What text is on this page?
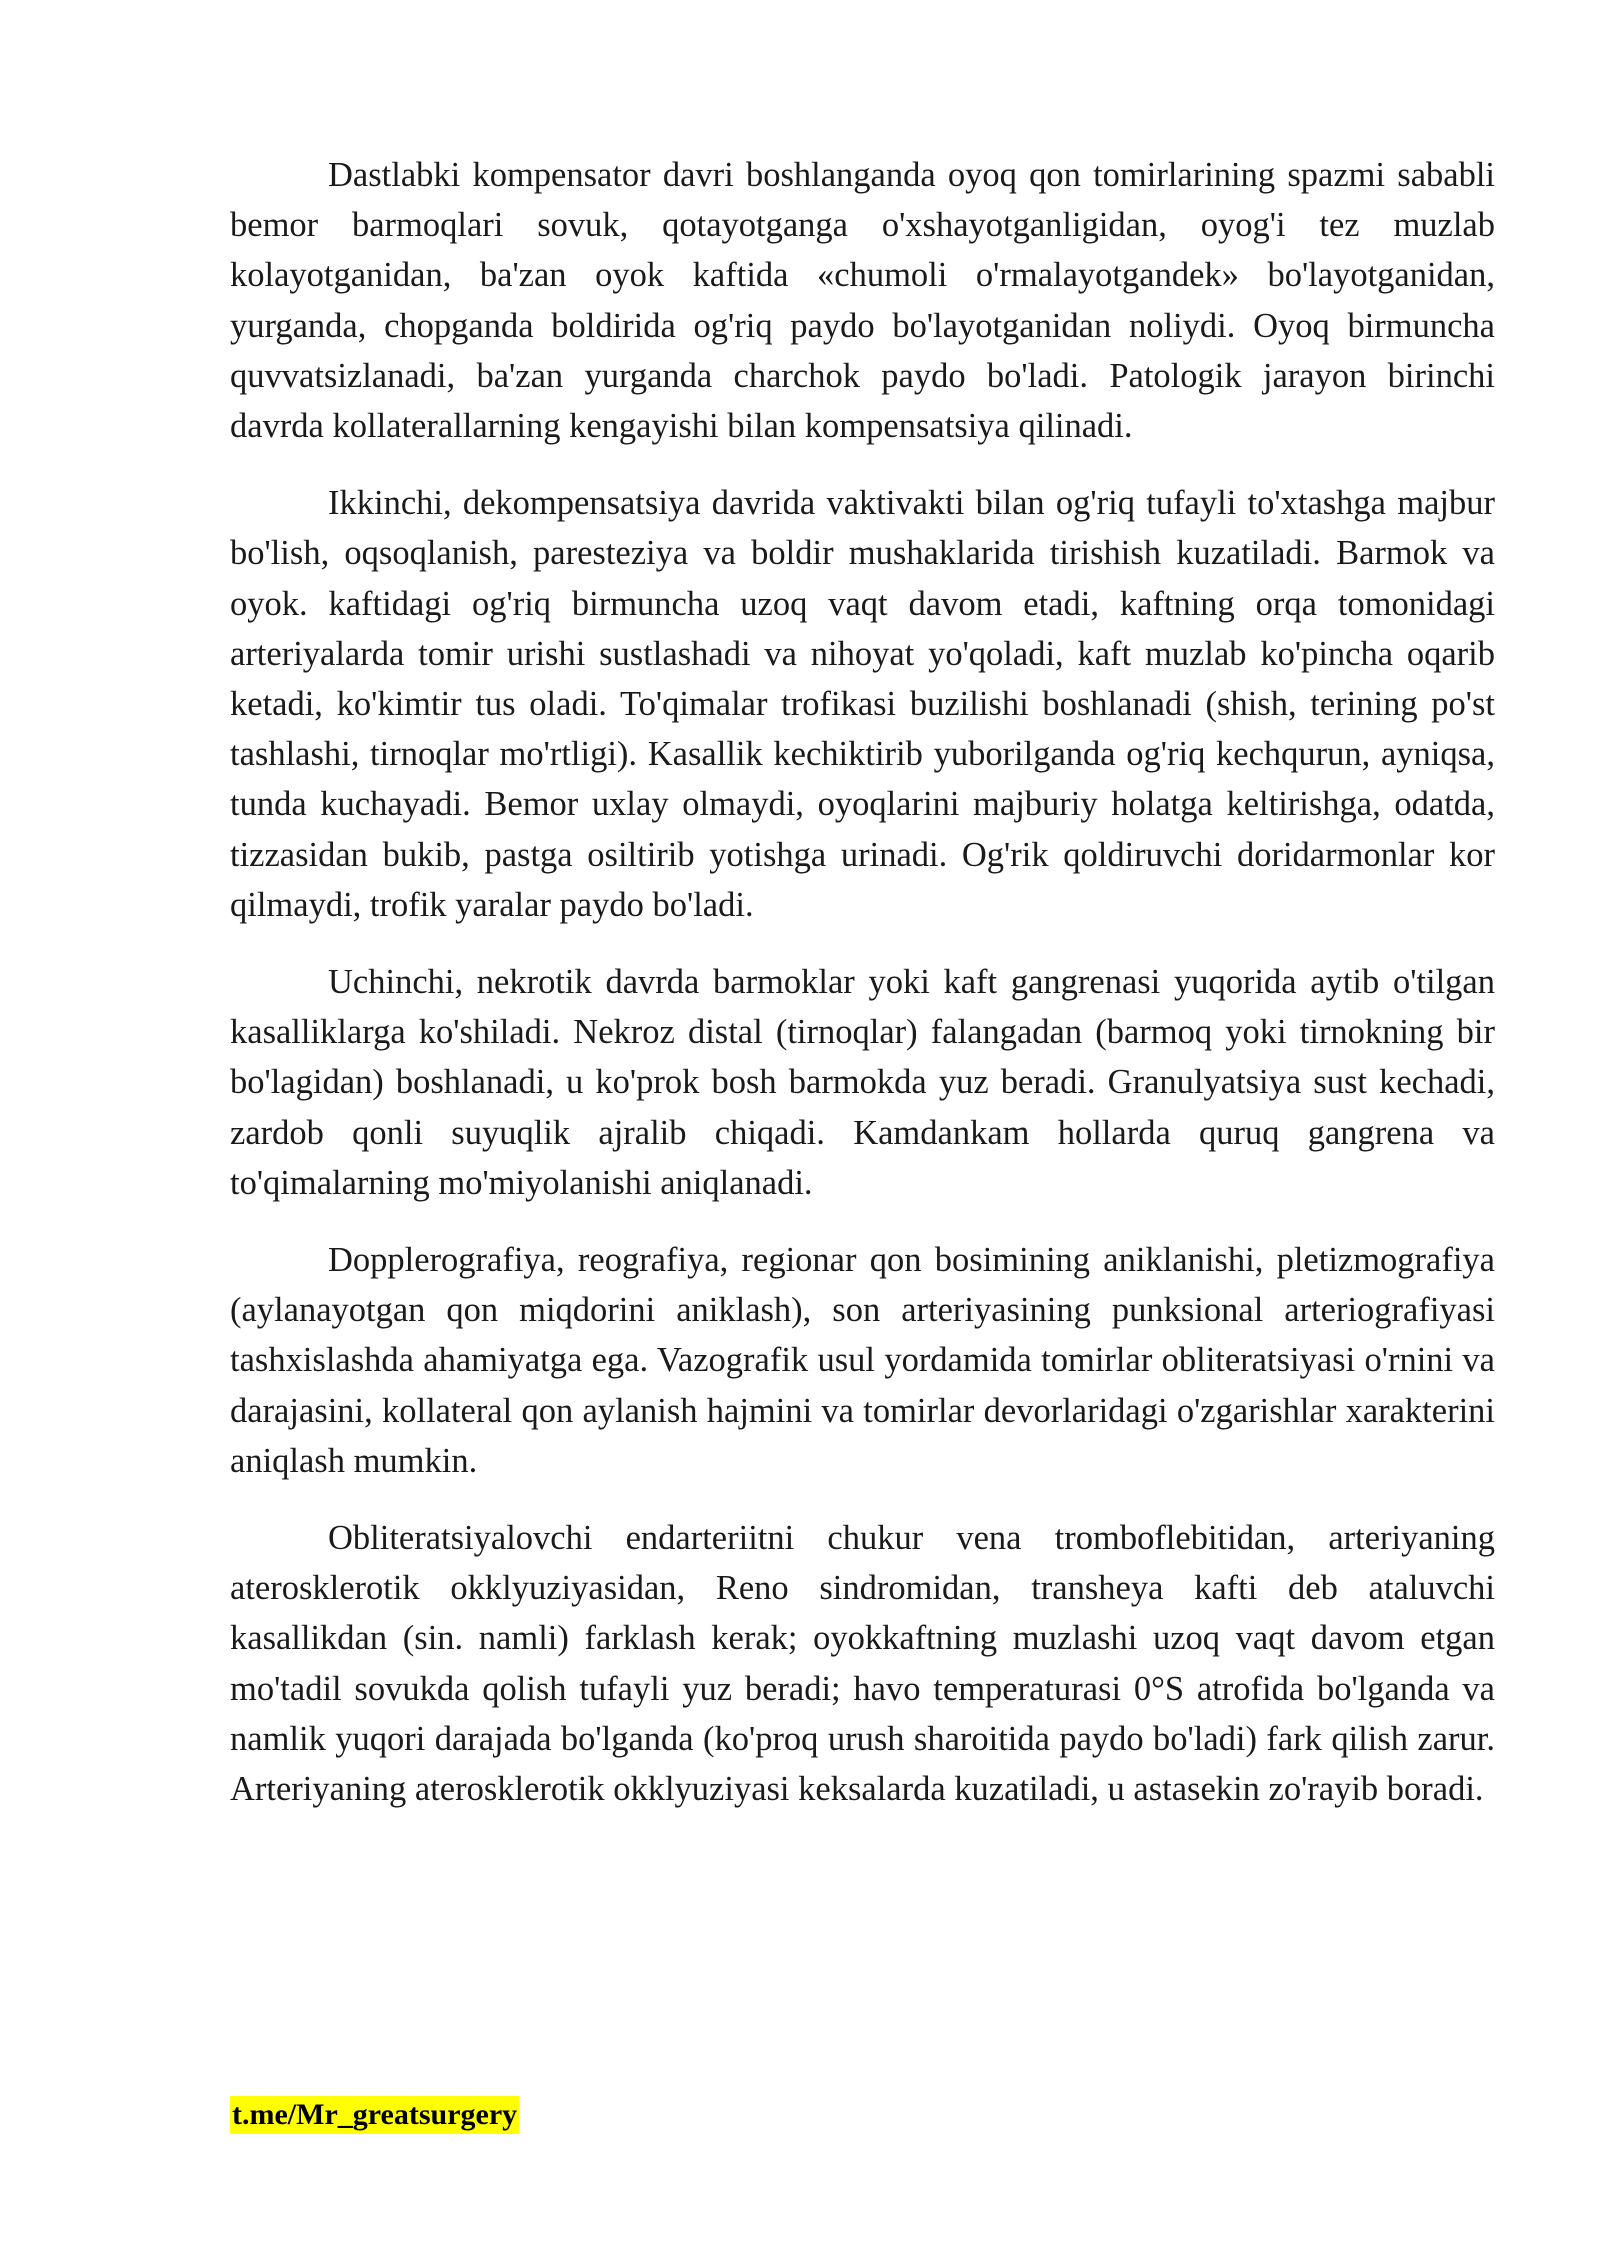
Dastlabki kompensator davri boshlanganda oyoq qon tomirlarining spazmi sababli bemor barmoqlari sovuk, qotayotganga o'xshayotganligidan, oyog'i tez muzlab kolayotganidan, ba'zan oyok kaftida «chumoli o'rmalayotgandek» bo'layotganidan, yurganda, chopganda boldirida og'riq paydo bo'layotganidan noliydi. Oyoq birmuncha quvvatsizlanadi, ba'zan yurganda charchok paydo bo'ladi. Patologik jarayon birinchi davrda kollaterallarning kengayishi bilan kompensatsiya qilinadi.

Ikkinchi, dekompensatsiya davrida vaktivakti bilan og'riq tufayli to'xtashga majbur bo'lish, oqsoqlanish, paresteziya va boldir mushaklarida tirishish kuzatiladi. Barmok va oyok. kaftidagi og'riq birmuncha uzoq vaqt davom etadi, kaftning orqa tomonidagi arteriyalarda tomir urishi sustlashadi va nihoyat yo'qoladi, kaft muzlab ko'pincha oqarib ketadi, ko'kimtir tus oladi. To'qimalar trofikasi buzilishi boshlanadi (shish, terining po'st tashlashi, tirnoqlar mo'rtligi). Kasallik kechiktirib yuborilganda og'riq kechqurun, ayniqsa, tunda kuchayadi. Bemor uxlay olmaydi, oyoqlarini majburiy holatga keltirishga, odatda, tizzasidan bukib, pastga osiltirib yotishga urinadi. Og'rik qoldiruvchi doridarmonlar kor qilmaydi, trofik yaralar paydo bo'ladi.

Uchinchi, nekrotik davrda barmoklar yoki kaft gangrenasi yuqorida aytib o'tilgan kasalliklarga ko'shiladi. Nekroz distal (tirnoqlar) falangadan (barmoq yoki tirnokning bir bo'lagidan) boshlanadi, u ko'prok bosh barmokda yuz beradi. Granulyatsiya sust kechadi, zardob qonli suyuqlik ajralib chiqadi. Kamdankam hollarda quruq gangrena va to'qimalarning mo'miyolanishi aniqlanadi.

Dopplerografiya, reografiya, regionar qon bosimining aniklanishi, pletizmografiya (aylanayotgan qon miqdorini aniklash), son arteriyasining punksional arteriografiyasi tashxislashda ahamiyatga ega. Vazografik usul yordamida tomirlar obliteratsiyasi o'rnini va darajasini, kollateral qon aylanish hajmini va tomirlar devorlaridagi o'zgarishlar xarakterini aniqlash mumkin.

Obliteratsiyalovchi endarteriitni chukur vena tromboflebitidan, arteriyaning aterosklerotik okklyuziyasidan, Reno sindromidan, transheya kafti deb ataluvchi kasallikdan (sin. namli) farklash kerak; oyokkaftning muzlashi uzoq vaqt davom etgan mo'tadil sovukda qolish tufayli yuz beradi; havo temperaturasi 0°S atrofida bo'lganda va namlik yuqori darajada bo'lganda (ko'proq urush sharoitida paydo bo'ladi) fark qilish zarur. Arteriyaning aterosklerotik okklyuziyasi keksalarda kuzatiladi, u astasekin zo'rayib boradi.

t.me/Mr_greatsurgery
